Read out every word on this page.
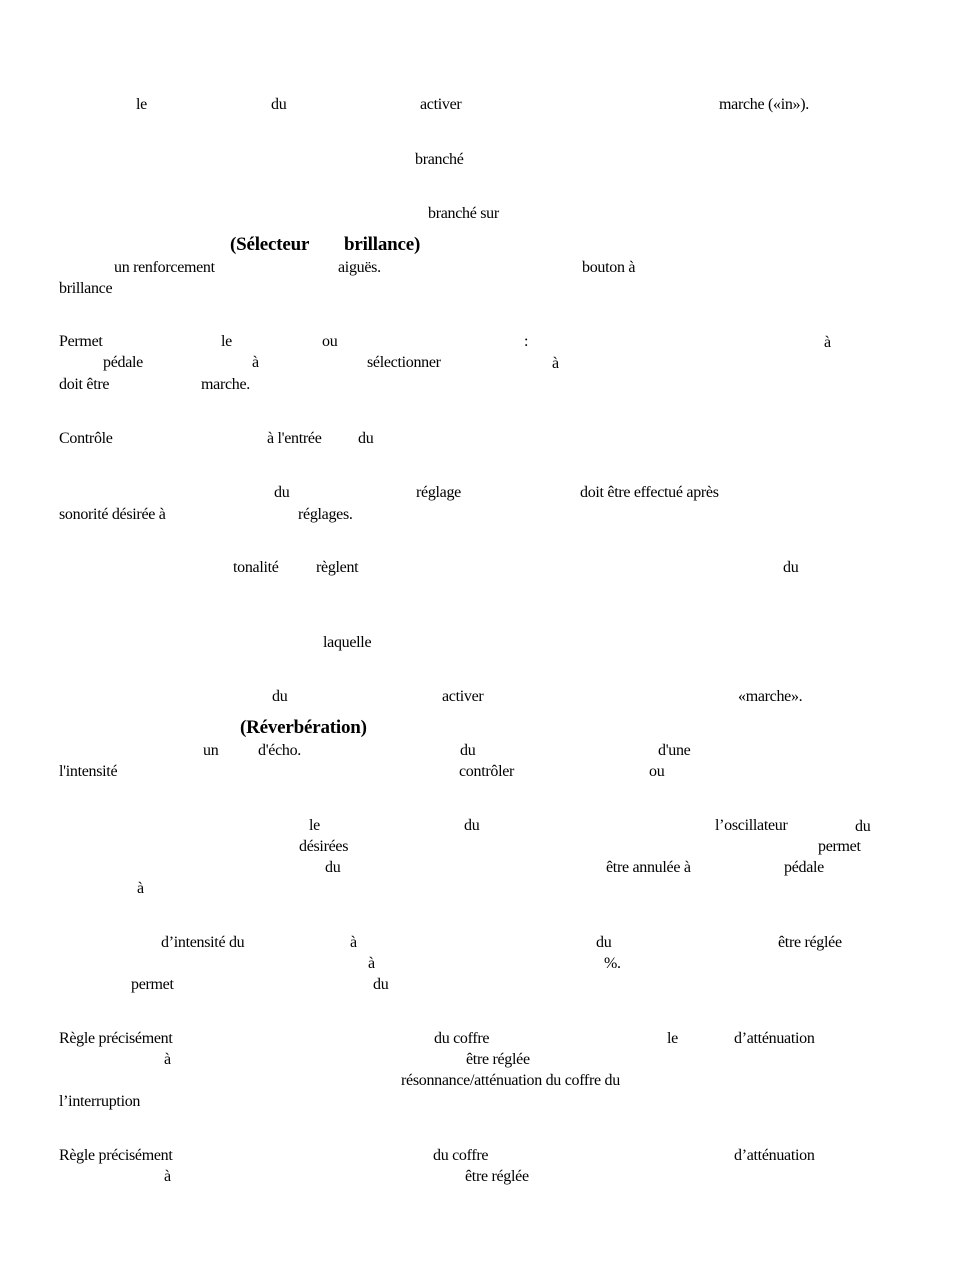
le	du	activer	marche («in»).
branché
branché sur
(Sélecteur brillance)
un renforcement	aiguës.	bouton à
brillance
Permet	le	ou	:	à
pédale	à	sélectionner	à
doit être	marche.
Contrôle	à l'entrée du
du	réglage	doit être effectué après
sonorité désirée à	réglages.
tonalité règlent	du
laquelle
du	activer	«marche».
(Réverbération)
un d'écho.	du	d'une
l'intensité	contrôler	ou
le	du	l’oscillateur	du
désirées	permet
du	être annulée à	pédale
à
d’intensité du	à	du	être réglée
à	%.
permet	du
Règle précisément	du coffre	le	d’atténuation
à	être réglée
résonnance/atténuation du coffre du
l’interruption
Règle précisément	du coffre	d’atténuation
à	être réglée
